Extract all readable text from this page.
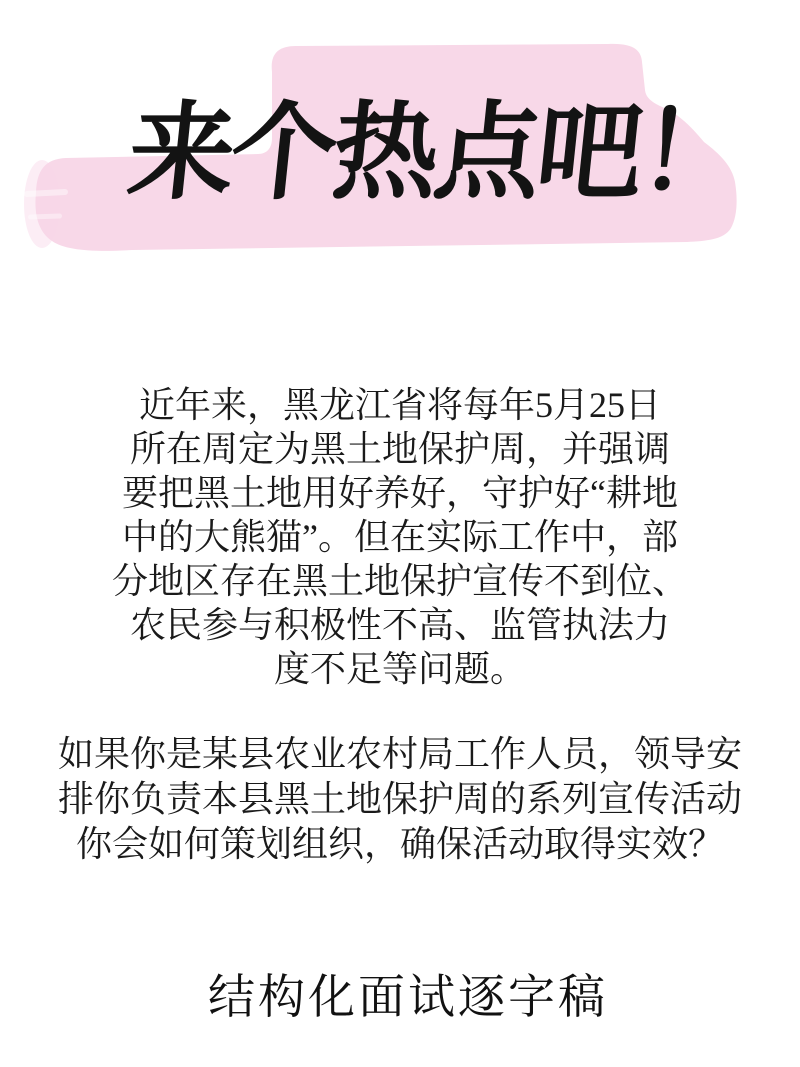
来个热点吧！
近年来，黑龙江省将每年5月25日
所在周定为黑土地保护周，并强调
要把黑土地用好养好，守护好“耕地
中的大熊猫”。但在实际工作中，部
分地区存在黑土地保护宣传不到位、
农民参与积极性不高、监管执法力
度不足等问题。
如果你是某县农业农村局工作人员，领导安
排你负责本县黑土地保护周的系列宣传活动
你会如何策划组织，确保活动取得实效？
结构化面试逐字稿
